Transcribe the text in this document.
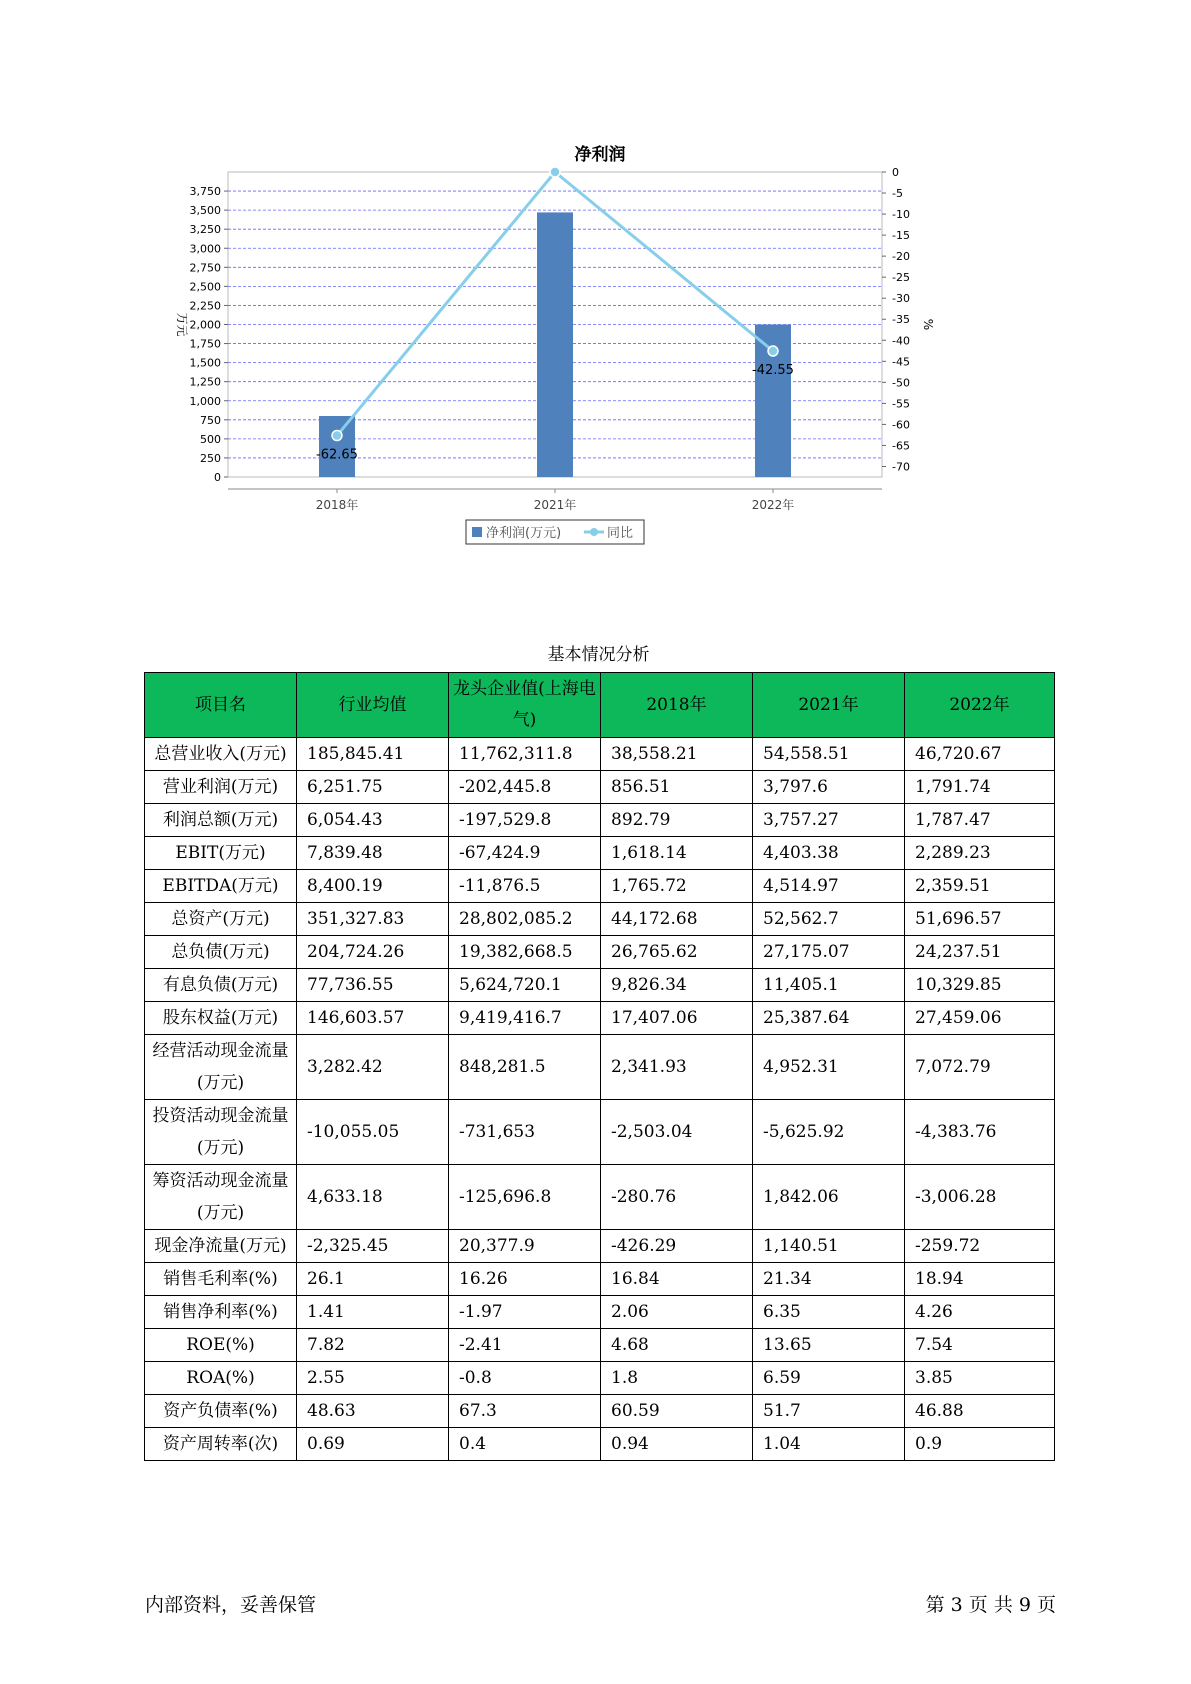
净利润
0
250
500
750
1,000
1,250
1,500
1,750
2,000
2,250
2,500
2,750
3,000
3,250
3,500
3,750
0
-5
-10
-15
-20
-25
-30
-35
-40
-45
-50
-55
-60
-65
-70
万元	%
2018年	2021年	2022年
-62.65
-42.55
净利润(万元)	同比
基本情况分析
项目名	行业均值	龙头企业值(上海电气)	2018年	2021年	2022年
总营业收入(万元)	185,845.41	11,762,311.8	38,558.21	54,558.51	46,720.67
营业利润(万元)	6,251.75	-202,445.8	856.51	3,797.6	1,791.74
利润总额(万元)	6,054.43	-197,529.8	892.79	3,757.27	1,787.47
EBIT(万元)	7,839.48	-67,424.9	1,618.14	4,403.38	2,289.23
EBITDA(万元)	8,400.19	-11,876.5	1,765.72	4,514.97	2,359.51
总资产(万元)	351,327.83	28,802,085.2	44,172.68	52,562.7	51,696.57
总负债(万元)	204,724.26	19,382,668.5	26,765.62	27,175.07	24,237.51
有息负债(万元)	77,736.55	5,624,720.1	9,826.34	11,405.1	10,329.85
股东权益(万元)	146,603.57	9,419,416.7	17,407.06	25,387.64	27,459.06
经营活动现金流量(万元)	3,282.42	848,281.5	2,341.93	4,952.31	7,072.79
投资活动现金流量(万元)	-10,055.05	-731,653	-2,503.04	-5,625.92	-4,383.76
筹资活动现金流量(万元)	4,633.18	-125,696.8	-280.76	1,842.06	-3,006.28
现金净流量(万元)	-2,325.45	20,377.9	-426.29	1,140.51	-259.72
销售毛利率(%)	26.1	16.26	16.84	21.34	18.94
销售净利率(%)	1.41	-1.97	2.06	6.35	4.26
ROE(%)	7.82	-2.41	4.68	13.65	7.54
ROA(%)	2.55	-0.8	1.8	6.59	3.85
资产负债率(%)	48.63	67.3	60.59	51.7	46.88
资产周转率(次)	0.69	0.4	0.94	1.04	0.9
内部资料，妥善保管	第 3 页 共 9 页
